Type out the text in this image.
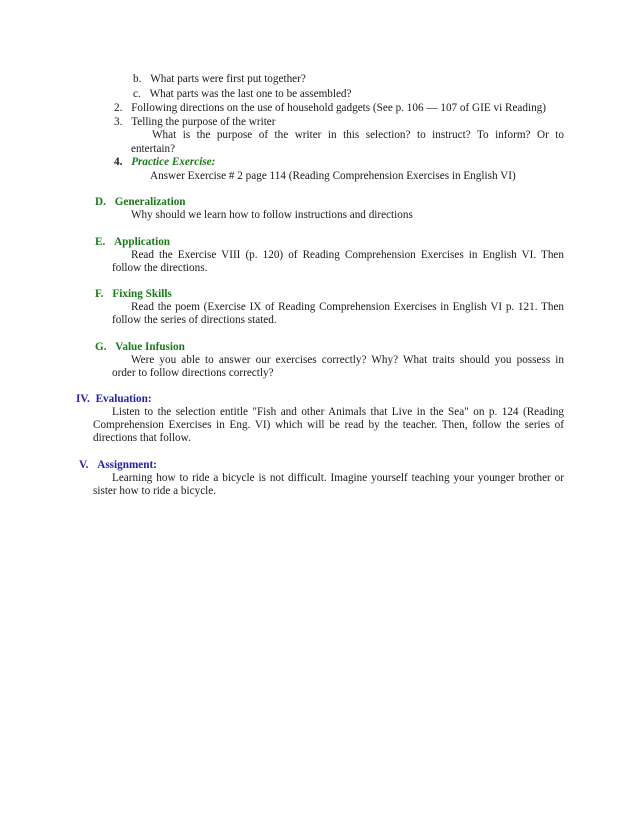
b. What parts were first put together?
c. What parts was the last one to be assembled?
2. Following directions on the use of household gadgets (See p. 106 — 107 of GIE vi Reading)
3. Telling the purpose of the writer
What is the purpose of the writer in this selection? to instruct? To inform? Or to
entertain?
4. Practice Exercise:
Answer Exercise # 2 page 114 (Reading Comprehension Exercises in English VI)
D. Generalization
Why should we learn how to follow instructions and directions
E. Application
Read the Exercise VIII (p. 120) of Reading Comprehension Exercises in English VI. Then
follow the directions.
F. Fixing Skills
Read the poem (Exercise IX of Reading Comprehension Exercises in English VI p. 121. Then
follow the series of directions stated.
G. Value Infusion
Were you able to answer our exercises correctly? Why? What traits should you possess in
order to follow directions correctly?
IV. Evaluation:
Listen to the selection entitle "Fish and other Animals that Live in the Sea" on p. 124 (Reading
Comprehension Exercises in Eng. VI) which will be read by the teacher. Then, follow the series of
directions that follow.
V. Assignment:
Learning how to ride a bicycle is not difficult. Imagine yourself teaching your younger brother or
sister how to ride a bicycle.
